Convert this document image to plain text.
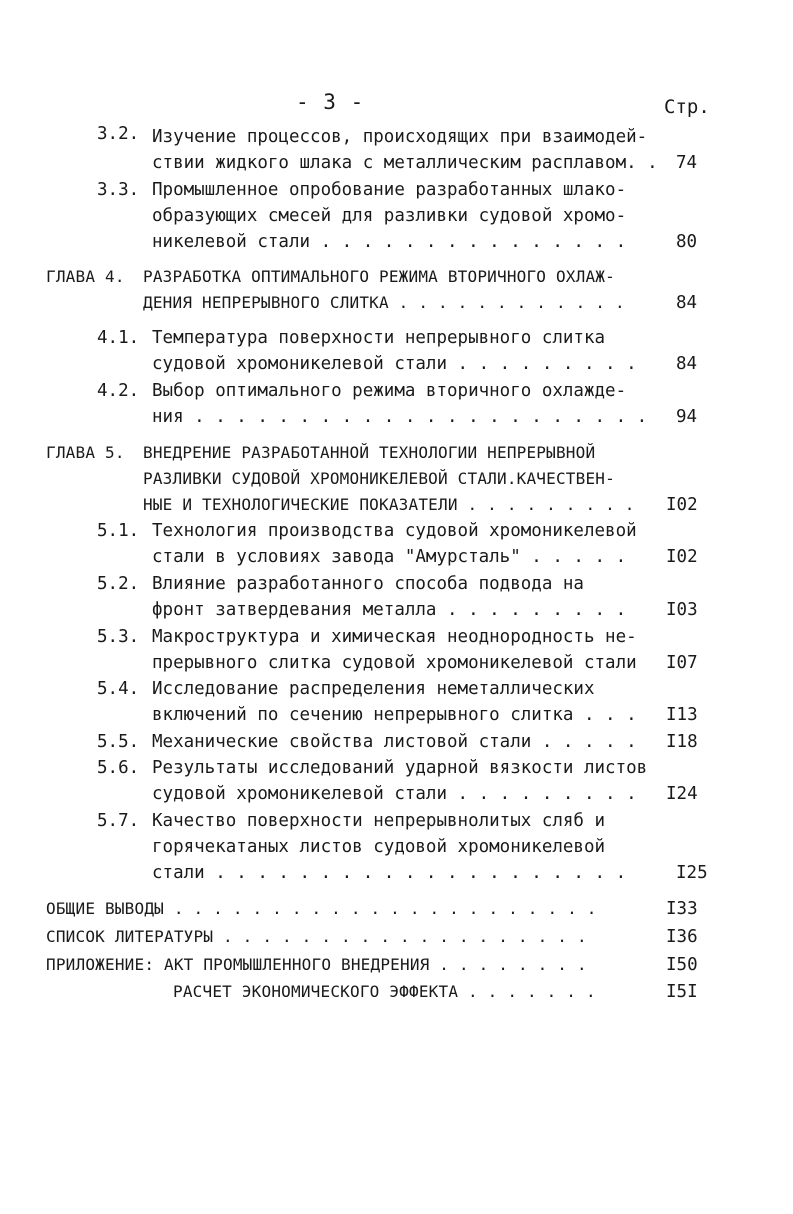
- 3 -	Стр.
3.2. Изучение процессов, происходящих при взаимодей-
ствии жидкого шлака с металлическим расплавом. . 74
3.3. Промышленное опробование разработанных шлако-
образующих смесей для разливки судовой хромо-
никелевой стали . . . . . . . . . . . . . . .	80
ГЛАВА 4. РАЗРАБОТКА ОПТИМАЛЬНОГО РЕЖИМА ВТОРИЧНОГО ОХЛАЖ-
ДЕНИЯ НЕПРЕРЫВНОГО СЛИТКА . . . . . . . . . . . .	84
4.1. Температура поверхности непрерывного слитка
судовой хромоникелевой стали . . . . . . . . . 84
4.2. Выбор оптимального режима вторичного охлажде-
ния . . . . . . . . . . . . . . . . . . . . . . 94
ГЛАВА 5. ВНЕДРЕНИЕ РАЗРАБОТАННОЙ ТЕХНОЛОГИИ НЕПРЕРЫВНОЙ
РАЗЛИВКИ СУДОВОЙ ХРОМОНИКЕЛЕВОЙ СТАЛИ.КАЧЕСТВЕН-
НЫЕ И ТЕХНОЛОГИЧЕСКИЕ ПОКАЗАТЕЛИ . . . . . . . . . I02
5.1. Технология производства судовой хромоникелевой
стали в условиях завода "Амурсталь" . . . . . I02
5.2. Влияние разработанного способа подвода на
фронт затвердевания металла . . . . . . . . . I03
5.3. Макроструктура и химическая неоднородность не-
прерывного слитка судовой хромоникелевой стали I07
5.4. Исследование распределения неметаллических
включений по сечению непрерывного слитка . . . I13
5.5. Механические свойства листовой стали . . . . . I18
5.6. Результаты исследований ударной вязкости листов
судовой хромоникелевой стали . . . . . . . . . I24
5.7. Качество поверхности непрерывнолитых сляб и
горячекатаных листов судовой хромоникелевой
стали . . . . . . . . . . . . . . . . . . . .	I25
ОБЩИЕ ВЫВОДЫ . . . . . . . . . . . . . . . . . . . . . .	I33
СПИСОК ЛИТЕРАТУРЫ . . . . . . . . . . . . . . . . . . .	I36
ПРИЛОЖЕНИЕ: АКТ ПРОМЫШЛЕННОГО ВНЕДРЕНИЯ . . . . . . . .	I50
РАСЧЕТ ЭКОНОМИЧЕСКОГО ЭФФЕКТА . . . . . . .	I5I
